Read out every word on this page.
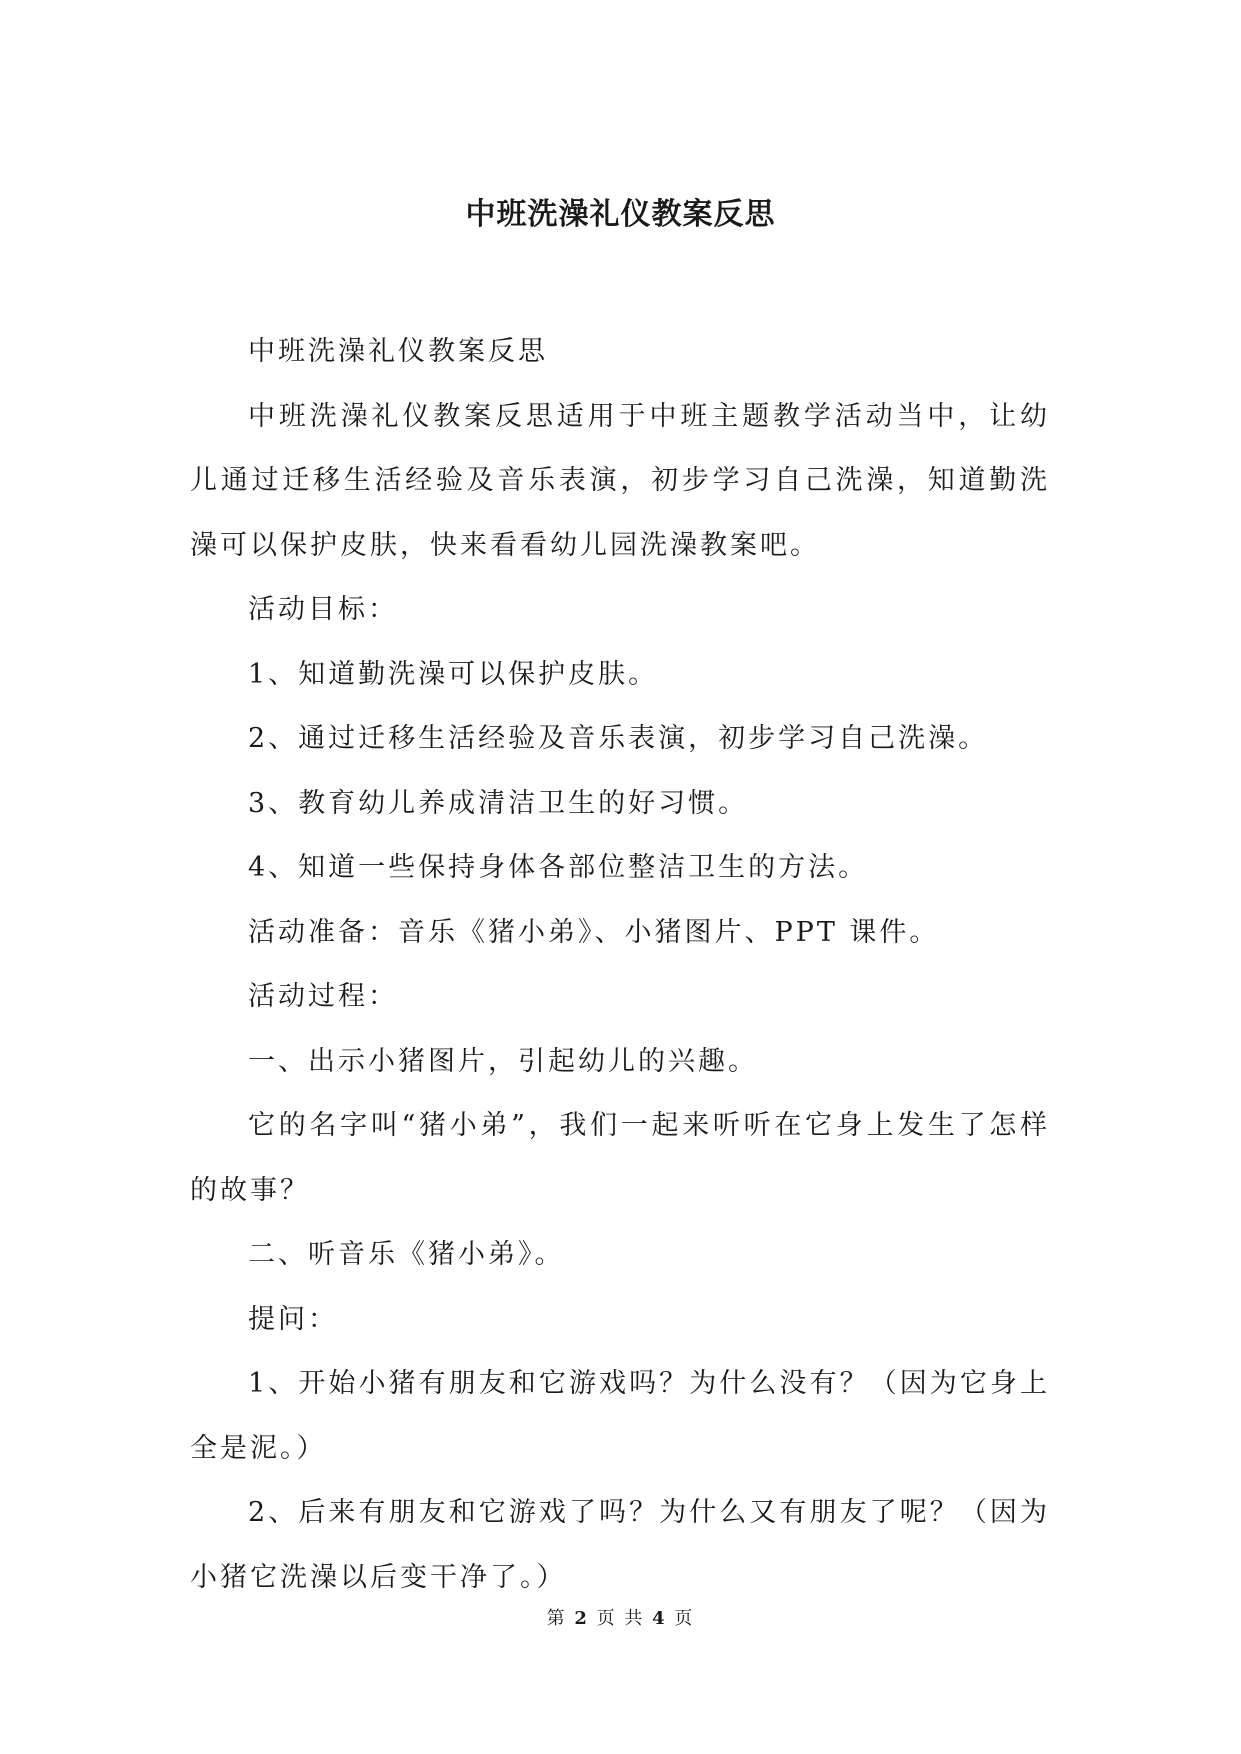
中班洗澡礼仪教案反思

中班洗澡礼仪教案反思

中班洗澡礼仪教案反思适用于中班主题教学活动当中，让幼儿通过迁移生活经验及音乐表演，初步学习自己洗澡，知道勤洗澡可以保护皮肤，快来看看幼儿园洗澡教案吧。

活动目标：

1、知道勤洗澡可以保护皮肤。

2、通过迁移生活经验及音乐表演，初步学习自己洗澡。

3、教育幼儿养成清洁卫生的好习惯。

4、知道一些保持身体各部位整洁卫生的方法。

活动准备：音乐《猪小弟》、小猪图片、PPT 课件。

活动过程：

一、出示小猪图片，引起幼儿的兴趣。

它的名字叫“猪小弟”，我们一起来听听在它身上发生了怎样的故事？

二、听音乐《猪小弟》。

提问：

1、开始小猪有朋友和它游戏吗？为什么没有？（因为它身上全是泥。）

2、后来有朋友和它游戏了吗？为什么又有朋友了呢？（因为小猪它洗澡以后变干净了。）

第 2 页 共 4 页
